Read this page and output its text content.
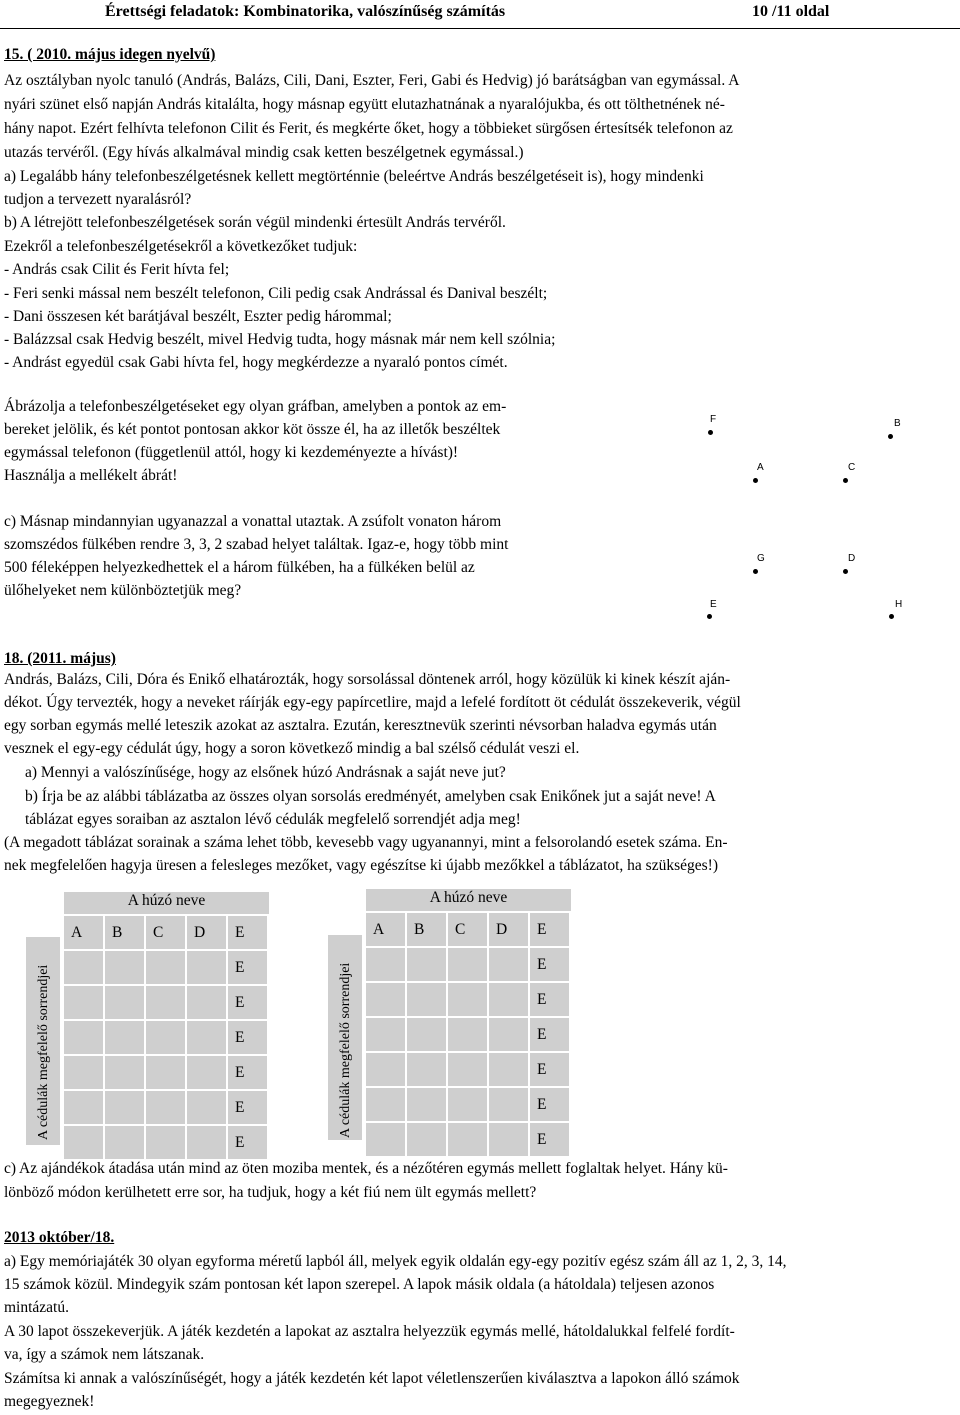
Érettségi feladatok: Kombinatorika, valószínűség számítás	10 /11 oldal
15. ( 2010. május idegen nyelvű)
Az osztályban nyolc tanuló (András, Balázs, Cili, Dani, Eszter, Feri, Gabi és Hedvig) jó barátságban van egymással. A
nyári szünet első napján András kitalálta, hogy másnap együtt elutazhatnának a nyaralójukba, és ott tölthetnének né-
hány napot. Ezért felhívta telefonon Cilit és Ferit, és megkérte őket, hogy a többieket sürgősen értesítsék telefonon az
utazás tervéről. (Egy hívás alkalmával mindig csak ketten beszélgetnek egymással.)
a) Legalább hány telefonbeszélgetésnek kellett megtörténnie (beleértve András beszélgetéseit is), hogy mindenki
tudjon a tervezett nyaralásról?
b) A létrejött telefonbeszélgetések során végül mindenki értesült András tervéről.
Ezekről a telefonbeszélgetésekről a következőket tudjuk:
- András csak Cilit és Ferit hívta fel;
- Feri senki mással nem beszélt telefonon, Cili pedig csak Andrással és Danival beszélt;
- Dani összesen két barátjával beszélt, Eszter pedig hárommal;
- Balázzsal csak Hedvig beszélt, mivel Hedvig tudta, hogy másnak már nem kell szólnia;
- Andrást egyedül csak Gabi hívta fel, hogy megkérdezze a nyaraló pontos címét.
Ábrázolja a telefonbeszélgetéseket egy olyan gráfban, amelyben a pontok az em-
bereket jelölik, és két pontot pontosan akkor köt össze él, ha az illetők beszéltek
egymással telefonon (függetlenül attól, hogy ki kezdeményezte a hívást)!
Használja a mellékelt ábrát!
c) Másnap mindannyian ugyanazzal a vonattal utaztak. A zsúfolt vonaton három
szomszédos fülkében rendre 3, 3, 2 szabad helyet találtak. Igaz-e, hogy több mint
500 féleképpen helyezkedhettek el a három fülkében, ha a fülkéken belül az
ülőhelyeket nem különböztetjük meg?
F	B
A	C
G	D
E	H
18. (2011. május)
András, Balázs, Cili, Dóra és Enikő elhatározták, hogy sorsolással döntenek arról, hogy közülük ki kinek készít aján-
dékot. Úgy tervezték, hogy a neveket ráírják egy-egy papírcetlire, majd a lefelé fordított öt cédulát összekeverik, végül
egy sorban egymás mellé leteszik azokat az asztalra. Ezután, keresztnevük szerinti névsorban haladva egymás után
vesznek el egy-egy cédulát úgy, hogy a soron következő mindig a bal szélső cédulát veszi el.
a) Mennyi a valószínűsége, hogy az elsőnek húzó Andrásnak a saját neve jut?
b) Írja be az alábbi táblázatba az összes olyan sorsolás eredményét, amelyben csak Enikőnek jut a saját neve! A
táblázat egyes soraiban az asztalon lévő cédulák megfelelő sorrendjét adja meg!
(A megadott táblázat sorainak a száma lehet több, kevesebb vagy ugyanannyi, mint a felsorolandó esetek száma. En-
nek megfelelően hagyja üresen a felesleges mezőket, vagy egészítse ki újabb mezőkkel a táblázatot, ha szükséges!)
A cédulák megfelelő sorrendjei
A húzó neve
A	B	C	D	E
				E
				E
				E
				E
				E
				E
A cédulák megfelelő sorrendjei
A húzó neve
A	B	C	D	E
				E
				E
				E
				E
				E
				E
c) Az ajándékok átadása után mind az öten moziba mentek, és a nézőtéren egymás mellett foglaltak helyet. Hány kü-
lönböző módon kerülhetett erre sor, ha tudjuk, hogy a két fiú nem ült egymás mellett?
2013 október/18.
a) Egy memóriajáték 30 olyan egyforma méretű lapból áll, melyek egyik oldalán egy-egy pozitív egész szám áll az 1, 2, 3, 14,
15 számok közül. Mindegyik szám pontosan két lapon szerepel. A lapok másik oldala (a hátoldala) teljesen azonos
mintázatú.
A 30 lapot összekeverjük. A játék kezdetén a lapokat az asztalra helyezzük egymás mellé, hátoldalukkal felfelé fordít-
va, így a számok nem látszanak.
Számítsa ki annak a valószínűségét, hogy a játék kezdetén két lapot véletlenszerűen kiválasztva a lapokon álló számok
megegyeznek!
